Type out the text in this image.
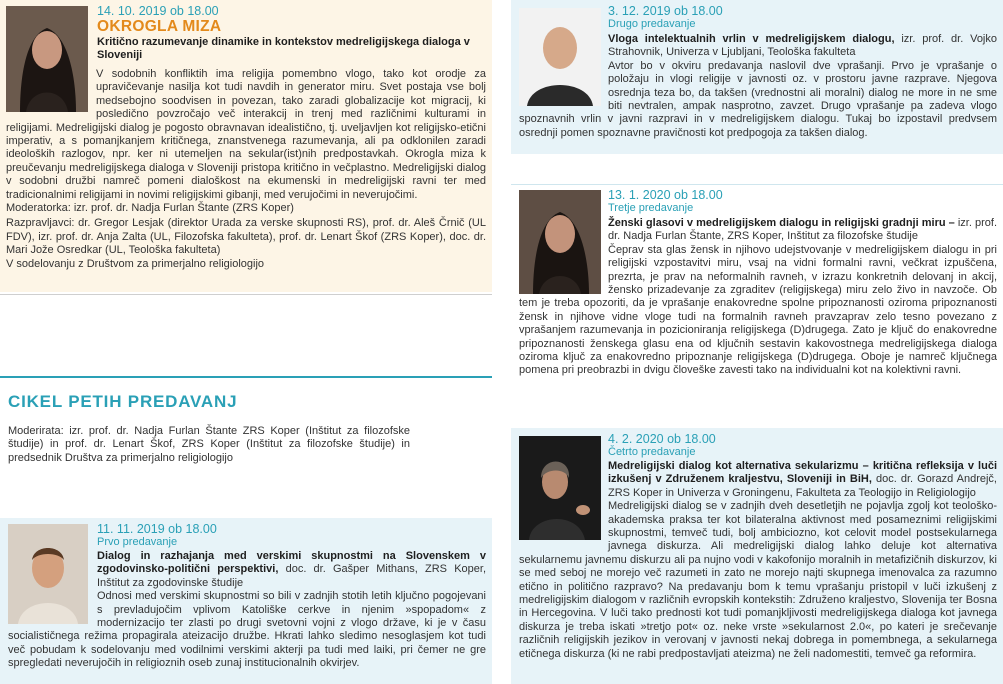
14. 10. 2019 ob 18.00
OKROGLA MIZA
Kritično razumevanje dinamike in kontekstov medreligijskega dialoga v Sloveniji

V sodobnih konfliktih ima religija pomembno vlogo, tako kot orodje za upravičevanje nasilja kot tudi navdih in generator miru. Svet postaja vse bolj medsebojno soodvisen in povezan, tako zaradi globalizacije kot migracij, ki posledično povzročajo več interakcij in trenj med različnimi kulturami in religijami. Medreligijski dialog je pogosto obravnavan idealistično, tj. uveljavljen kot religijsko-etični imperativ, a s pomanjkanjem kritičnega, znanstvenega razumevanja, ali pa odklonilen zaradi ideoloških razlogov, npr. ker ni utemeljen na sekular(ist)nih predpostavkah. Okrogla miza k preučevanju medreligijskega dialoga v Sloveniji pristopa kritično in večplastno. Medreligijski dialog v sodobni družbi namreč pomeni dialoškost na ekumenski in medreligijski ravni ter med tradicionalnimi religijami in novimi religijskimi gibanji, med verujočimi in neverujočimi.

Moderatorka: izr. prof. dr. Nadja Furlan Štante (ZRS Koper)

Razpravljavci: dr. Gregor Lesjak (direktor Urada za verske skupnosti RS), prof. dr. Aleš Črnič (UL FDV), izr. prof. dr. Anja Zalta (UL, Filozofska fakulteta), prof. dr. Lenart Škof (ZRS Koper), doc. dr. Mari Jože Osredkar (UL, Teološka fakulteta)

V sodelovanju z Društvom za primerjalno religiologijo

CIKEL PETIH PREDAVANJ
Moderirata: izr. prof. dr. Nadja Furlan Štante ZRS Koper (Inštitut za filozofske študije) in prof. dr. Lenart Škof, ZRS Koper (Inštitut za filozofske študije) in predsednik Društva za primerjalno religiologijo
11. 11. 2019 ob 18.00
Prvo predavanje

Dialog in razhajanja med verskimi skupnostmi na Slovenskem v zgodovinsko-politični perspektivi, doc. dr. Gašper Mithans, ZRS Koper, Inštitut za zgodovinske študije

Odnosi med verskimi skupnostmi so bili v zadnjih stotih letih ključno pogojevani s prevladujočim vplivom Katoliške cerkve in njenim »spopadom« z modernizacijo ter zlasti po drugi svetovni vojni z vlogo države, ki je v času socialističnega režima propagirala ateizacijo družbe. Hkrati lahko sledimo nesoglasjem kot tudi več pobudam k sodelovanju med vodilnimi verskimi akterji pa tudi med laiki, pri čemer ne gre spregledati neverujočih in religioznih oseb zunaj institucionalnih okvirjev.

3. 12. 2019 ob 18.00
Drugo predavanje

Vloga intelektualnih vrlin v medreligijskem dialogu, izr. prof. dr. Vojko Strahovnik, Univerza v Ljubljani, Teološka fakulteta

Avtor bo v okviru predavanja naslovil dve vprašanji. Prvo je vprašanje o položaju in vlogi religije v javnosti oz. v prostoru javne razprave. Njegova osrednja teza bo, da takšen (vrednostni ali moralni) dialog ne more in ne sme biti nevtralen, ampak nasprotno, zavzet. Drugo vprašanje pa zadeva vlogo spoznavnih vrlin v javni razpravi in v medreligijskem dialogu. Tukaj bo izpostavil predvsem osrednji pomen spoznavne pravičnosti kot predpogoja za takšen dialog.

13. 1. 2020 ob 18.00
Tretje predavanje

Ženski glasovi v medreligijskem dialogu in religijski gradnji miru – izr. prof. dr. Nadja Furlan Štante, ZRS Koper, Inštitut za filozofske študije

Čeprav sta glas žensk in njihovo udejstvovanje v medreligijskem dialogu in pri religijski vzpostavitvi miru, vsaj na vidni formalni ravni, večkrat izpuščena, prezrta, je prav na neformalnih ravneh, v izrazu konkretnih delovanj in akcij, žensko prizadevanje za zgraditev (religijskega) miru zelo živo in navzoče. Ob tem je treba opozoriti, da je vprašanje enakovredne spolne pripoznanosti oziroma pripoznanosti žensk in njihove vidne vloge tudi na formalnih ravneh pravzaprav zelo tesno povezano z vprašanjem razumevanja in pozicioniranja religijskega (D)drugega. Zato je ključ do enakovredne pripoznanosti ženskega glasu ena od ključnih sestavin kakovostnega medreligijskega dialoga oziroma ključ za enakovredno pripoznanje religijskega (D)drugega. Oboje je namreč ključnega pomena pri preobrazbi in dvigu človeške zavesti tako na individualni kot na kolektivni ravni.

4. 2. 2020 ob 18.00
Četrto predavanje

Medreligijski dialog kot alternativa sekularizmu – kritična refleksija v luči izkušenj v Združenem kraljestvu, Sloveniji in BiH, doc. dr. Gorazd Andrejč, ZRS Koper in Univerza v Groningenu, Fakulteta za Teologijo in Religiologijo

Medreligijski dialog se v zadnjih dveh desetletjih ne pojavlja zgolj kot teološko-akademska praksa ter kot bilateralna aktivnost med posameznimi religijskimi skupnostmi, temveč tudi, bolj ambiciozno, kot celovit model postsekularnega javnega diskurza. Ali medreligijski dialog lahko deluje kot alternativa sekularnemu javnemu diskurzu ali pa nujno vodi v kakofonijo moralnih in metafizičnih diskurzov, ki se med seboj ne morejo več razumeti in zato ne morejo najti skupnega imenovalca za razumno etično in politično razpravo? Na predavanju bom k temu vprašanju pristopil v luči izkušenj z medreligijskim dialogom v različnih evropskih kontekstih: Združeno kraljestvo, Slovenija ter Bosna in Hercegovina. V luči tako prednosti kot tudi pomanjkljivosti medreligijskega dialoga kot javnega diskurza je treba iskati »tretjo pot« oz. neke vrste »sekularnost 2.0«, po kateri je srečevanje različnih religijskih jezikov in verovanj v javnosti nekaj dobrega in pomembnega, a sekularnega etičnega diskurza (ki ne rabi predpostavljati ateizma) ne želi nadomestiti, temveč ga reformira.
